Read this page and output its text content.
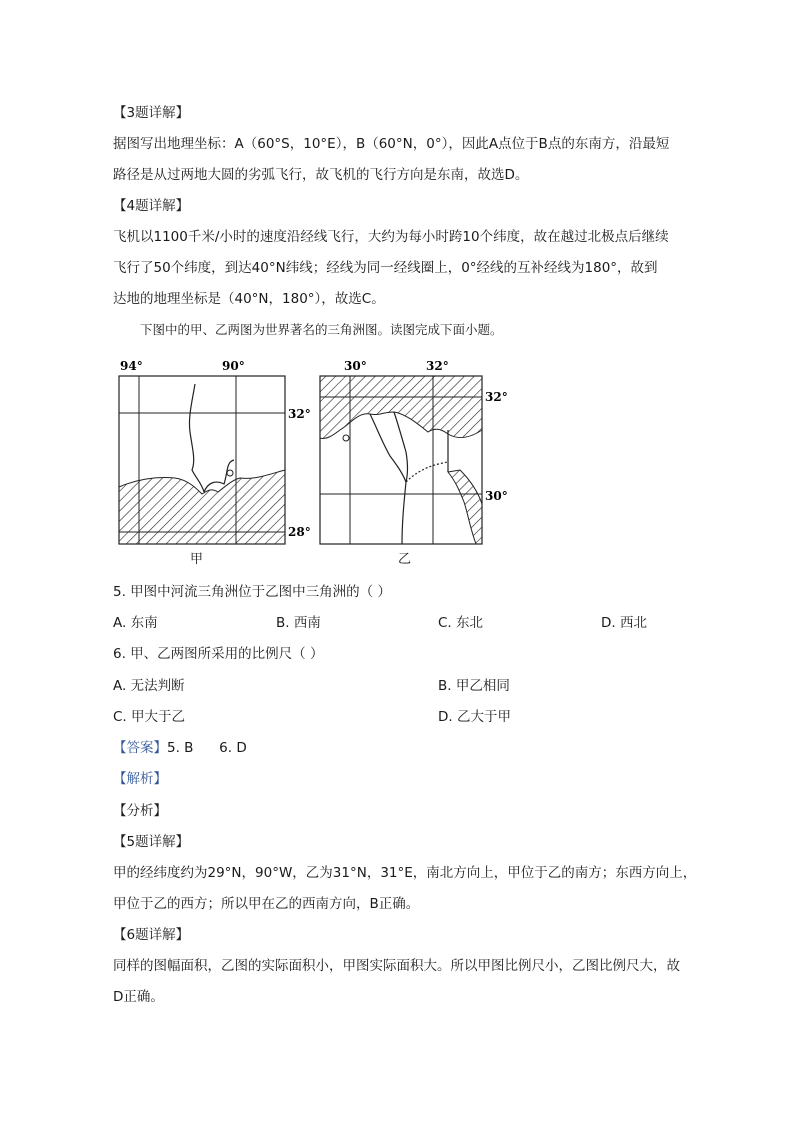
【3题详解】
据图写出地理坐标：A（60°S，10°E），B（60°N，0°），因此A点位于B点的东南方，沿最短
路径是从过两地大圆的劣弧飞行，故飞机的飞行方向是东南，故选D。
【4题详解】
飞机以1100千米/小时的速度沿经线飞行，大约为每小时跨10个纬度，故在越过北极点后继续
飞行了50个纬度，到达40°N纬线；经线为同一经线圈上，0°经线的互补经线为180°，故到
达地的地理坐标是（40°N，180°），故选C。
下图中的甲、乙两图为世界著名的三角洲图。读图完成下面小题。
94°	90°
32°
28°
甲
30°	32°
32°
30°
乙
5. 甲图中河流三角洲位于乙图中三角洲的（ ）
A. 东南	B. 西南	C. 东北	D. 西北
6. 甲、乙两图所采用的比例尺（ ）
A. 无法判断	B. 甲乙相同
C. 甲大于乙	D. 乙大于甲
【答案】5. B      6. D
【解析】
【分析】
【5题详解】
甲的经纬度约为29°N，90°W，乙为31°N，31°E，南北方向上，甲位于乙的南方；东西方向上，
甲位于乙的西方；所以甲在乙的西南方向，B正确。
【6题详解】
同样的图幅面积，乙图的实际面积小，甲图实际面积大。所以甲图比例尺小，乙图比例尺大，故
D正确。
